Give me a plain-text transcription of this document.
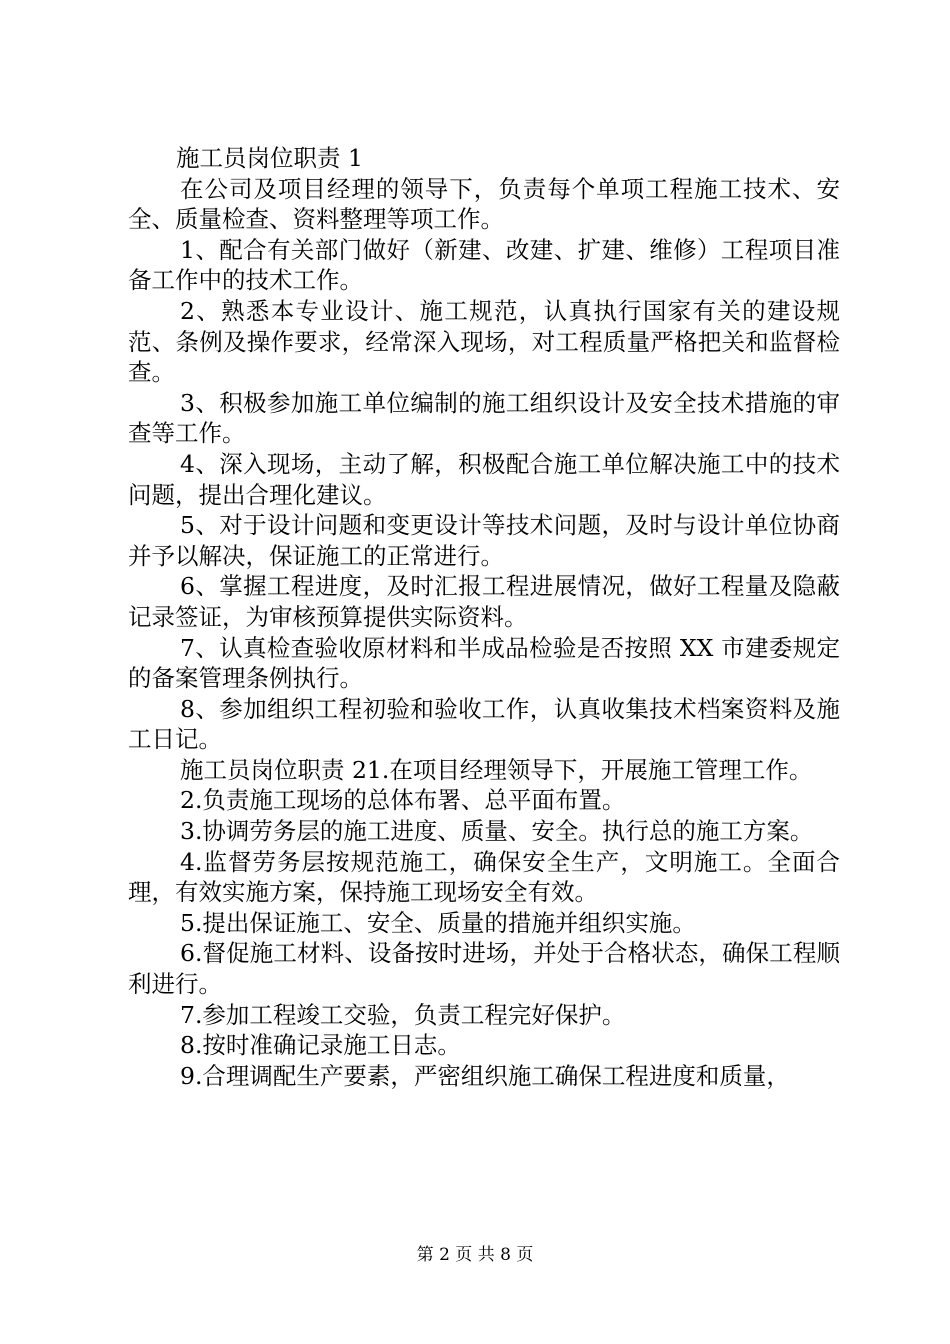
施工员岗位职责 1

在公司及项目经理的领导下，负责每个单项工程施工技术、安全、质量检查、资料整理等项工作。

1、配合有关部门做好（新建、改建、扩建、维修）工程项目准备工作中的技术工作。

2、熟悉本专业设计、施工规范，认真执行国家有关的建设规范、条例及操作要求，经常深入现场，对工程质量严格把关和监督检查。

3、积极参加施工单位编制的施工组织设计及安全技术措施的审查等工作。

4、深入现场，主动了解，积极配合施工单位解决施工中的技术问题，提出合理化建议。

5、对于设计问题和变更设计等技术问题，及时与设计单位协商并予以解决，保证施工的正常进行。

6、掌握工程进度，及时汇报工程进展情况，做好工程量及隐蔽记录签证，为审核预算提供实际资料。

7、认真检查验收原材料和半成品检验是否按照 XX 市建委规定的备案管理条例执行。

8、参加组织工程初验和验收工作，认真收集技术档案资料及施工日记。

施工员岗位职责 21.在项目经理领导下，开展施工管理工作。

2.负责施工现场的总体布署、总平面布置。

3.协调劳务层的施工进度、质量、安全。执行总的施工方案。

4.监督劳务层按规范施工，确保安全生产，文明施工。全面合理，有效实施方案，保持施工现场安全有效。

5.提出保证施工、安全、质量的措施并组织实施。

6.督促施工材料、设备按时进场，并处于合格状态，确保工程顺利进行。

7.参加工程竣工交验，负责工程完好保护。

8.按时准确记录施工日志。

9.合理调配生产要素，严密组织施工确保工程进度和质量，

第 2 页 共 8 页
